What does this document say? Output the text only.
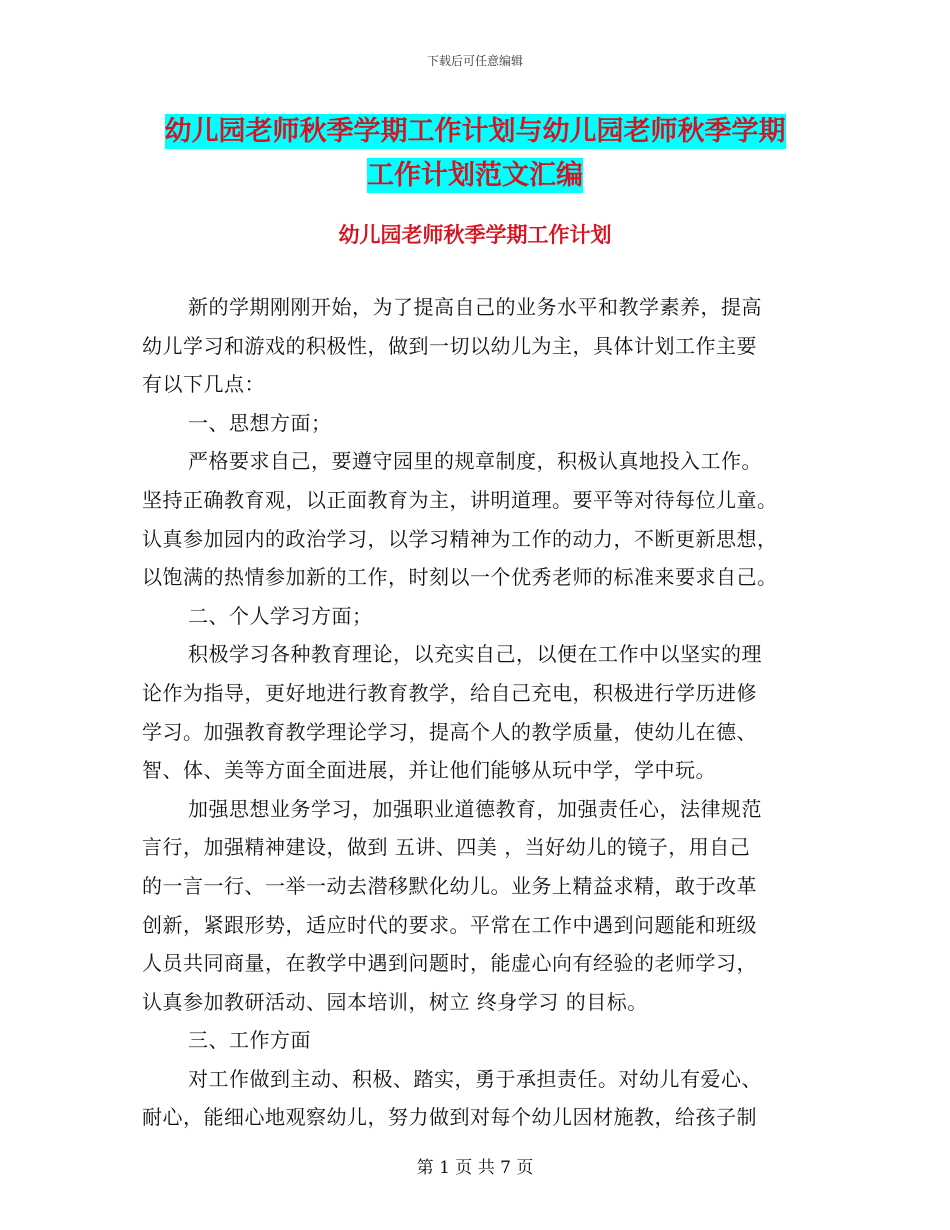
下载后可任意编辑
幼儿园老师秋季学期工作计划与幼儿园老师秋季学期
工作计划范文汇编
幼儿园老师秋季学期工作计划
新的学期刚刚开始，为了提高自己的业务水平和教学素养，提高
幼儿学习和游戏的积极性，做到一切以幼儿为主，具体计划工作主要
有以下几点：
一、思想方面；
严格要求自己，要遵守园里的规章制度，积极认真地投入工作。
坚持正确教育观，以正面教育为主，讲明道理。要平等对待每位儿童。
认真参加园内的政治学习，以学习精神为工作的动力，不断更新思想，
以饱满的热情参加新的工作，时刻以一个优秀老师的标准来要求自己。
二、个人学习方面；
积极学习各种教育理论，以充实自己，以便在工作中以坚实的理
论作为指导，更好地进行教育教学，给自己充电，积极进行学历进修
学习。加强教育教学理论学习，提高个人的教学质量，使幼儿在德、
智、体、美等方面全面进展，并让他们能够从玩中学，学中玩。
加强思想业务学习，加强职业道德教育，加强责任心，法律规范
言行，加强精神建设，做到 五讲、四美 ，当好幼儿的镜子，用自己
的一言一行、一举一动去潜移默化幼儿。业务上精益求精，敢于改革
创新，紧跟形势，适应时代的要求。平常在工作中遇到问题能和班级
人员共同商量，在教学中遇到问题时，能虚心向有经验的老师学习，
认真参加教研活动、园本培训，树立 终身学习 的目标。
三、工作方面
对工作做到主动、积极、踏实，勇于承担责任。对幼儿有爱心、
耐心，能细心地观察幼儿，努力做到对每个幼儿因材施教，给孩子制
第 1 页 共 7 页
